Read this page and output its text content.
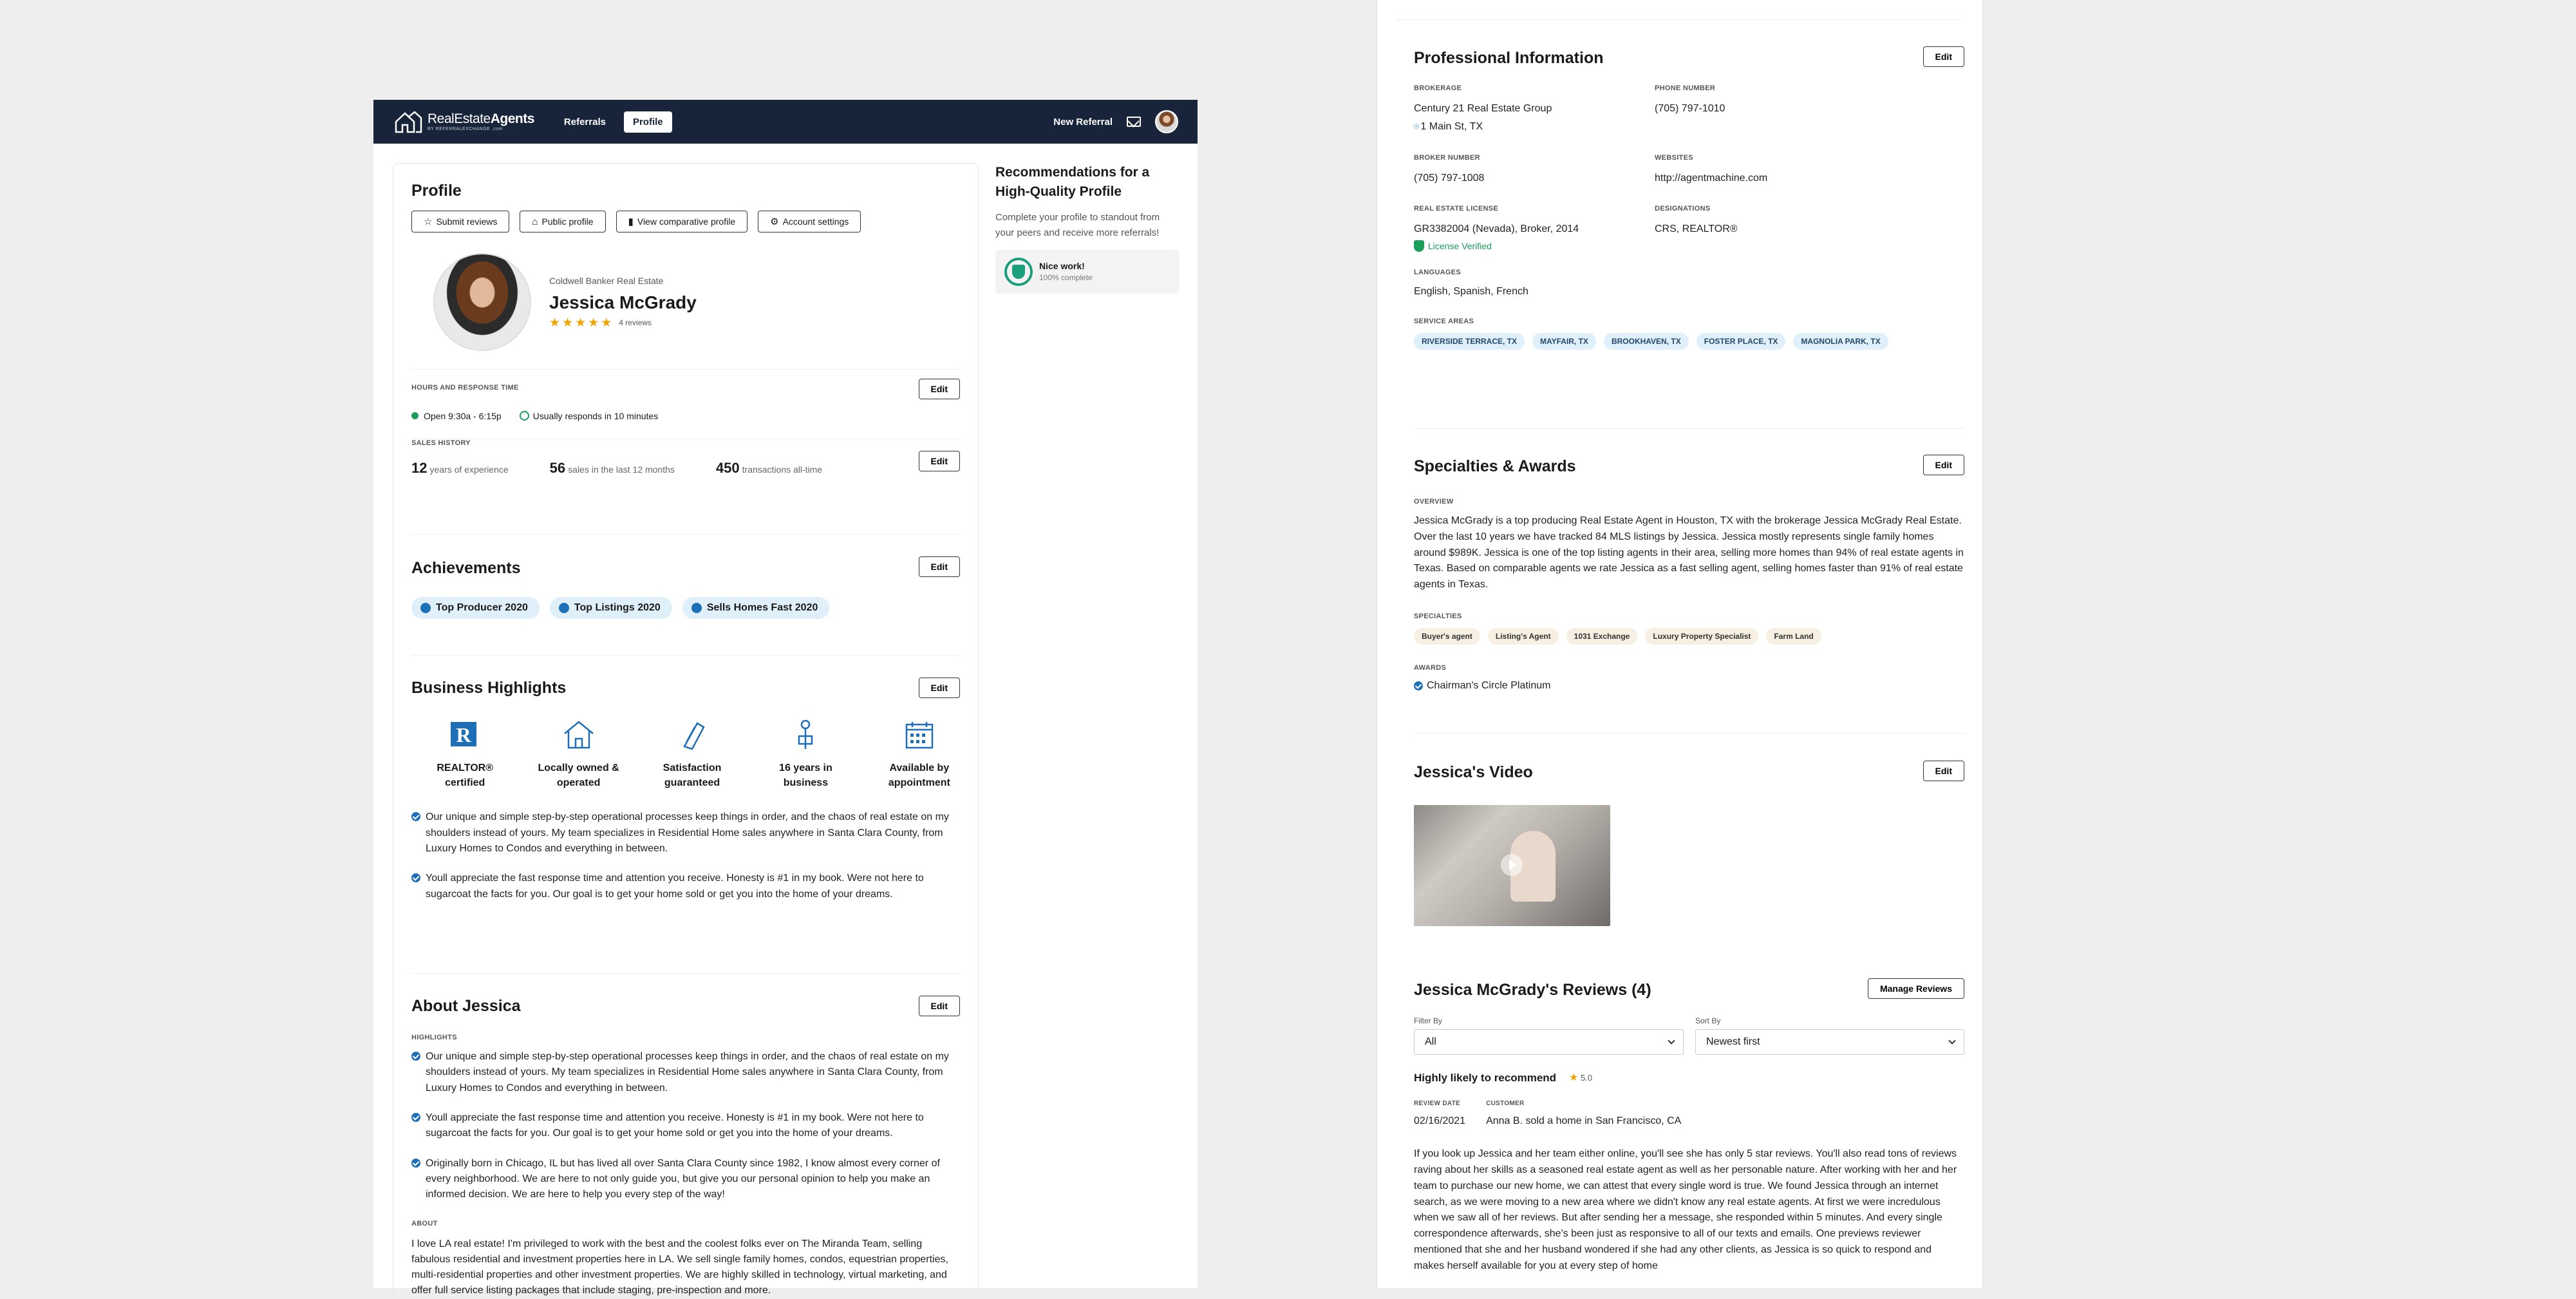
RealEstateAgents
BY REFERRALEXCHANGE .com
Referrals	Profile	New Referral
Profile
☆ Submit reviews	⌂ Public profile	▮ View comparative profile	⚙ Account settings
Coldwell Banker Real Estate
Jessica McGrady
★ ★ ★ ★ ★ 4 reviews
HOURS AND RESPONSE TIME	Edit
Open 9:30a - 6:15p	Usually responds in 10 minutes
SALES HISTORY
Edit
12 years of experience	56 sales in the last 12 months	450 transactions all-time
Achievements	Edit
Top Producer 2020	Top Listings 2020	Sells Homes Fast 2020
Business Highlights	Edit
R
REALTOR®
certified
Locally owned &
operated
Satisfaction
guaranteed
16 years in
business
Available by
appointment
Our unique and simple step-by-step operational processes keep things in order, and the chaos of real estate on my shoulders instead of yours. My team specializes in Residential Home sales anywhere in Santa Clara County, from Luxury Homes to Condos and everything in between.
Youll appreciate the fast response time and attention you receive. Honesty is #1 in my book. Were not here to sugarcoat the facts for you. Our goal is to get your home sold or get you into the home of your dreams.
About Jessica	Edit
HIGHLIGHTS
Our unique and simple step-by-step operational processes keep things in order, and the chaos of real estate on my shoulders instead of yours. My team specializes in Residential Home sales anywhere in Santa Clara County, from Luxury Homes to Condos and everything in between.
Youll appreciate the fast response time and attention you receive. Honesty is #1 in my book. Were not here to sugarcoat the facts for you. Our goal is to get your home sold or get you into the home of your dreams.
Originally born in Chicago, IL but has lived all over Santa Clara County since 1982, I know almost every corner of every neighborhood. We are here to not only guide you, but give you our personal opinion to help you make an informed decision. We are here to help you every step of the way!
ABOUT
I love LA real estate! I'm privileged to work with the best and the coolest folks ever on The Miranda Team, selling fabulous residential and investment properties here in LA. We sell single family homes, condos, equestrian properties, multi-residential properties and other investment properties. We are highly skilled in technology, virtual marketing, and offer full service listing packages that include staging, pre-inspection and more.
Recommendations for a High-Quality Profile
Complete your profile to standout from your peers and receive more referrals!
Nice work!
100% complete
Professional Information	Edit
BROKERAGE
Century 21 Real Estate Group
⌾ 1 Main St, TX
PHONE NUMBER
(705) 797-1010
BROKER NUMBER
(705) 797-1008
WEBSITES
http://agentmachine.com
REAL ESTATE LICENSE
GR3382004 (Nevada), Broker, 2014
License Verified
DESIGNATIONS
CRS, REALTOR®
LANGUAGES
English, Spanish, French
SERVICE AREAS
RIVERSIDE TERRACE, TX	MAYFAIR, TX	BROOKHAVEN, TX	FOSTER PLACE, TX	MAGNOLIA PARK, TX
Specialties & Awards	Edit
OVERVIEW
Jessica McGrady is a top producing Real Estate Agent in Houston, TX with the brokerage Jessica McGrady Real Estate. Over the last 10 years we have tracked 84 MLS listings by Jessica. Jessica mostly represents single family homes around $989K. Jessica is one of the top listing agents in their area, selling more homes than 94% of real estate agents in Texas. Based on comparable agents we rate Jessica as a fast selling agent, selling homes faster than 91% of real estate agents in Texas.
SPECIALTIES
Buyer's agent	Listing's Agent	1031 Exchange	Luxury Property Specialist	Farm Land
AWARDS
Chairman's Circle Platinum
Jessica's Video	Edit
Jessica McGrady's Reviews (4)	Manage Reviews
Filter By
All
Sort By
Newest first
Highly likely to recommend ★ 5.0
REVIEW DATE
02/16/2021
CUSTOMER
Anna B. sold a home in San Francisco, CA
If you look up Jessica and her team either online, you'll see she has only 5 star reviews. You'll also read tons of reviews raving about her skills as a seasoned real estate agent as well as her personable nature. After working with her and her team to purchase our new home, we can attest that every single word is true. We found Jessica through an internet search, as we were moving to a new area where we didn't know any real estate agents. At first we were incredulous when we saw all of her reviews. But after sending her a message, she responded within 5 minutes. And every single correspondence afterwards, she's been just as responsive to all of our texts and emails. One previews reviewer mentioned that she and her husband wondered if she had any other clients, as Jessica is so quick to respond and makes herself available for you at every step of home
